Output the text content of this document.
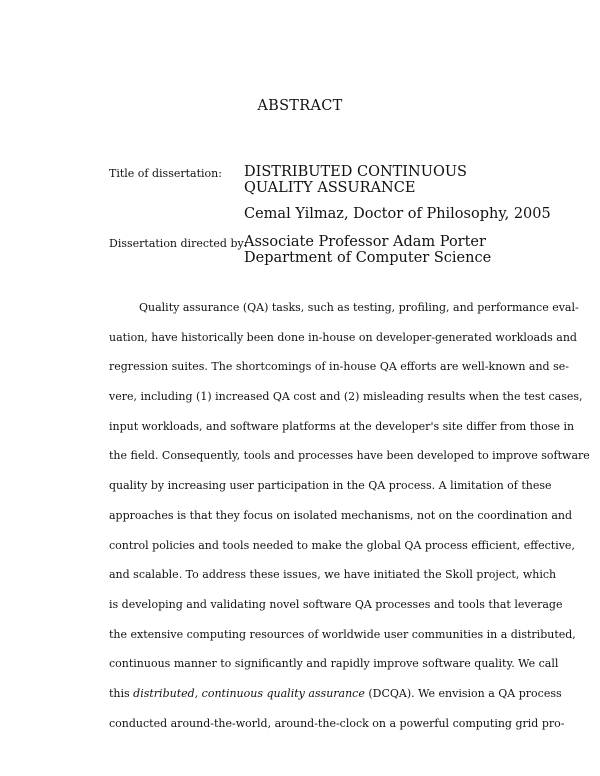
ABSTRACT
Title of dissertation: DISTRIBUTED CONTINUOUS
QUALITY ASSURANCE
Cemal Yilmaz, Doctor of Philosophy, 2005
Dissertation directed by:
Associate Professor Adam Porter
Department of Computer Science
Quality assurance (QA) tasks, such as testing, profiling, and performance eval-
uation, have historically been done in-house on developer-generated workloads and
regression suites. The shortcomings of in-house QA efforts are well-known and se-
vere, including (1) increased QA cost and (2) misleading results when the test cases,
input workloads, and software platforms at the developer's site differ from those in
the field. Consequently, tools and processes have been developed to improve software
quality by increasing user participation in the QA process. A limitation of these
approaches is that they focus on isolated mechanisms, not on the coordination and
control policies and tools needed to make the global QA process efficient, effective,
and scalable. To address these issues, we have initiated the Skoll project, which
is developing and validating novel software QA processes and tools that leverage
the extensive computing resources of worldwide user communities in a distributed,
continuous manner to significantly and rapidly improve software quality. We call
this distributed, continuous quality assurance (DCQA). We envision a QA process
conducted around-the-world, around-the-clock on a powerful computing grid pro-
